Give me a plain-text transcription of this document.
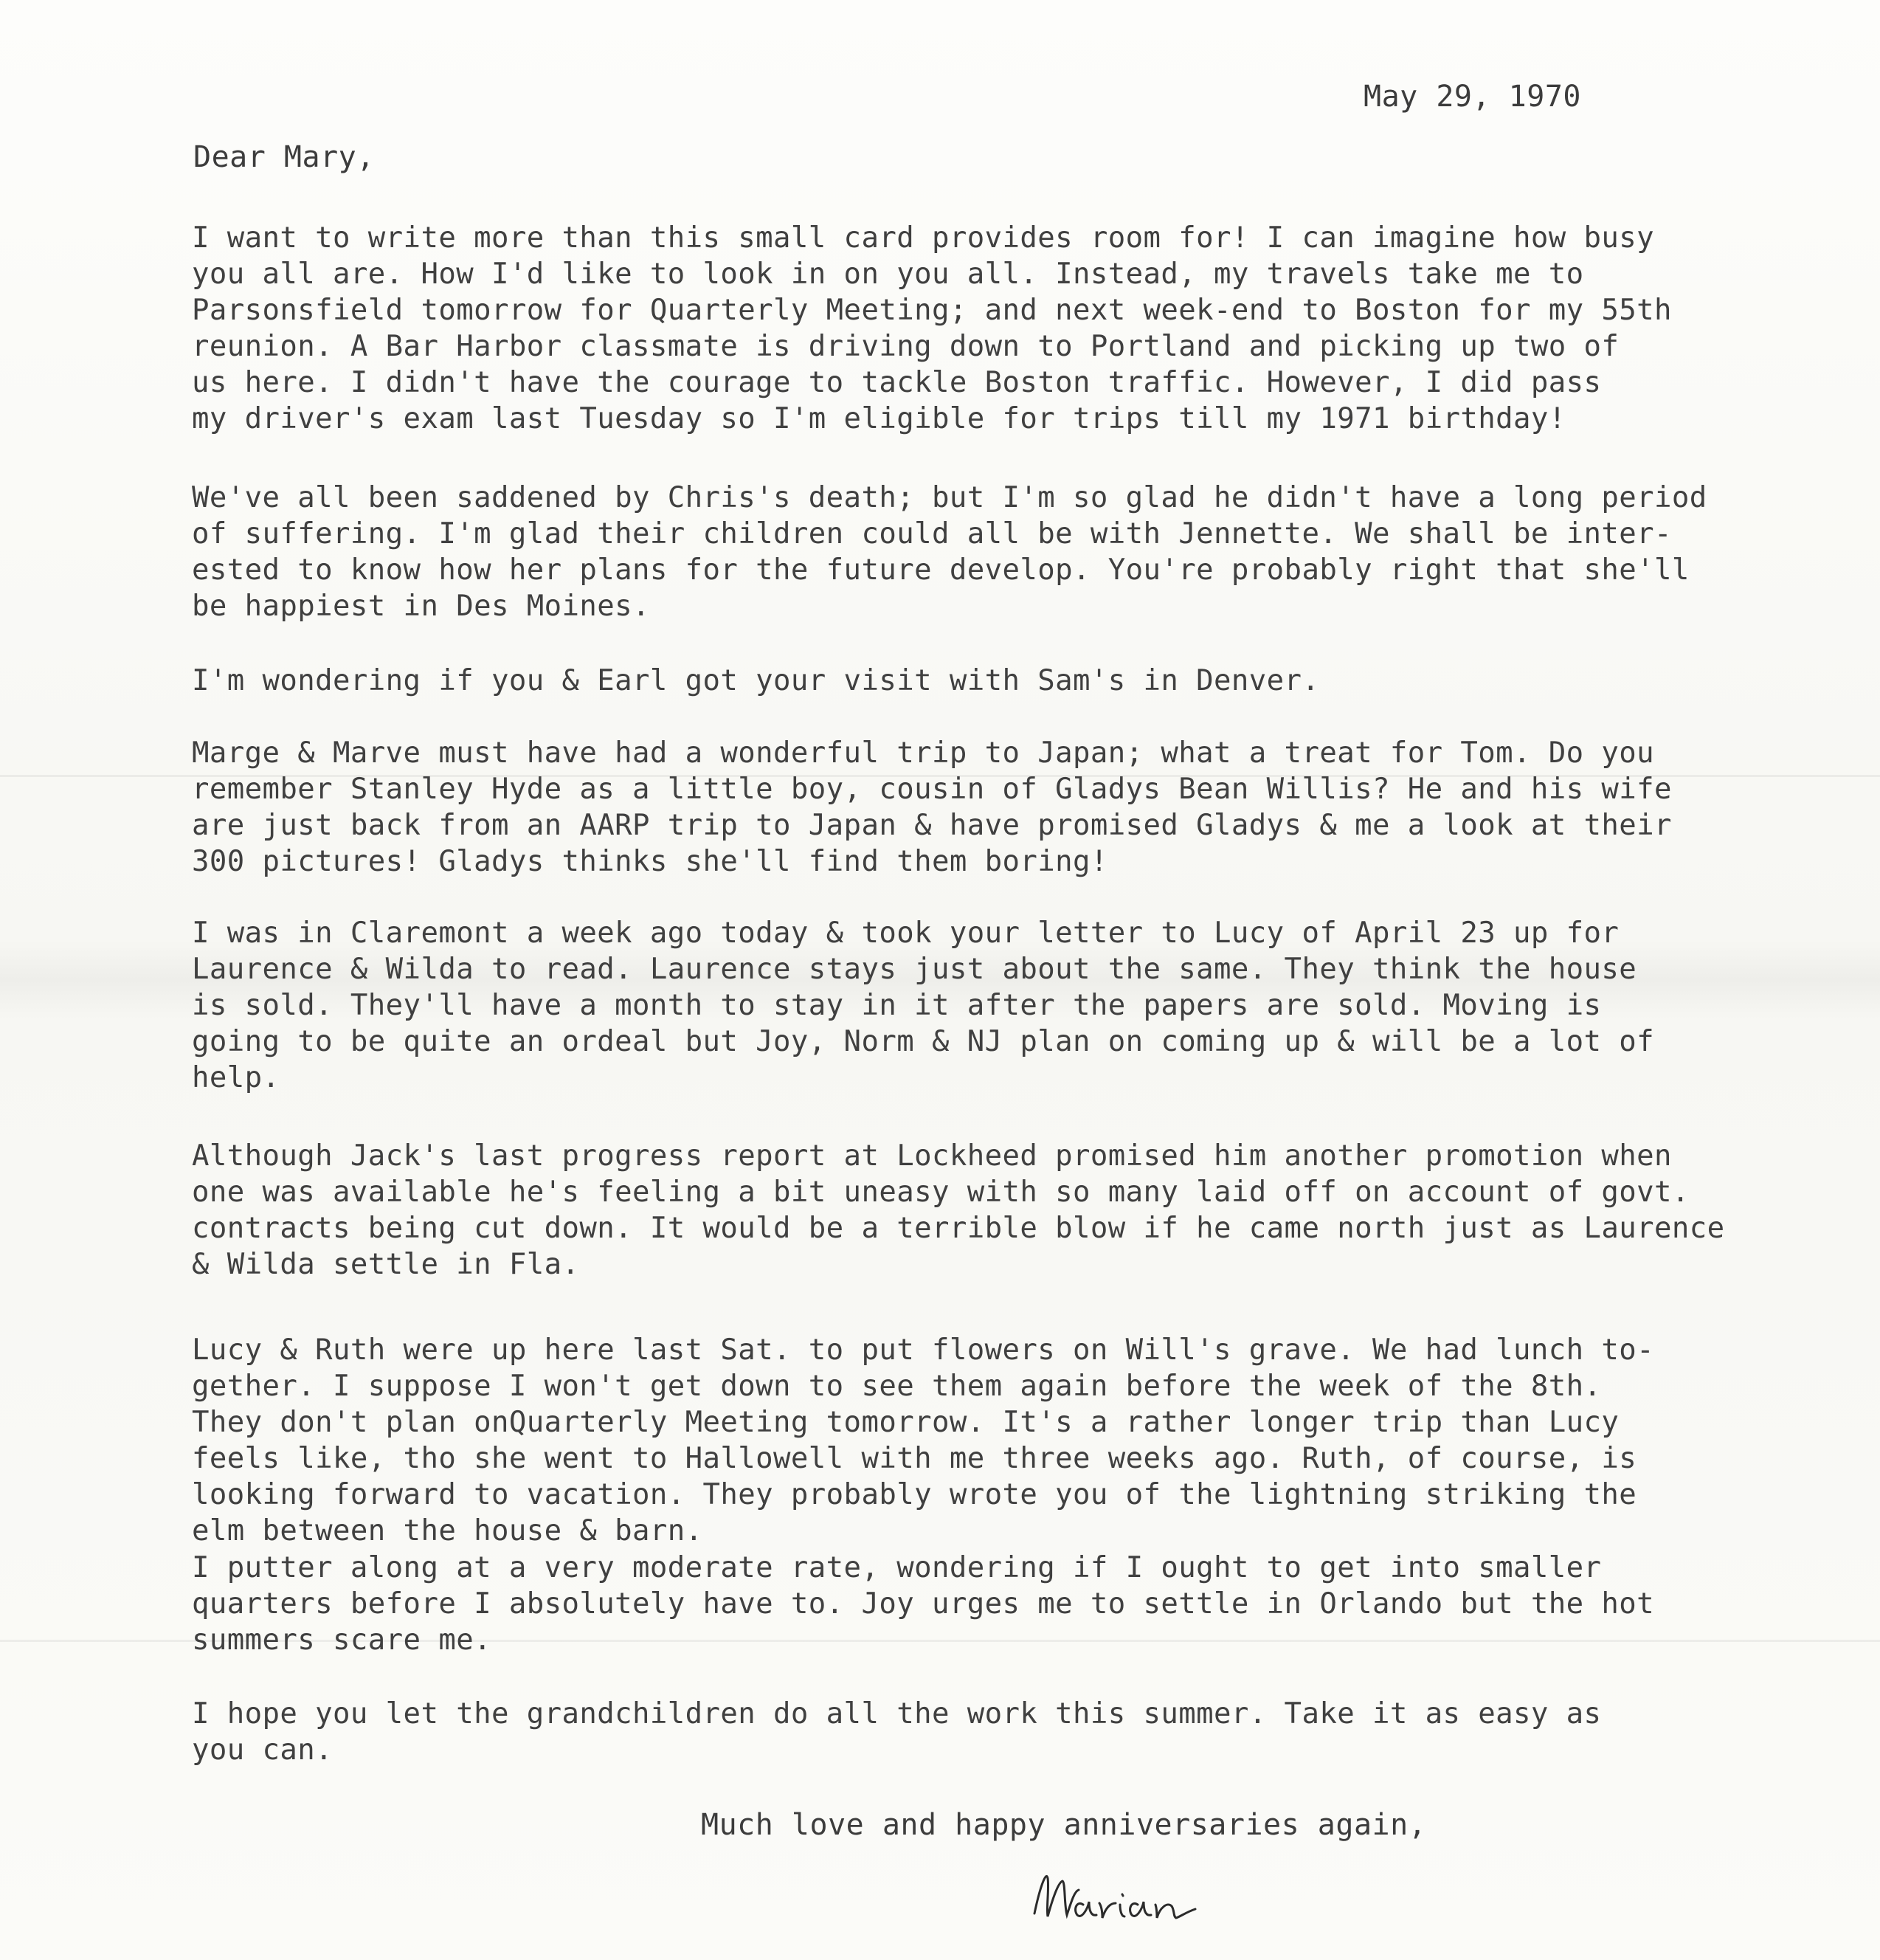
May 29, 1970
Dear Mary,
I want to write more than this small card provides room for! I can imagine how busy
you all are. How I'd like to look in on you all. Instead, my travels take me to
Parsonsfield tomorrow for Quarterly Meeting; and next week-end to Boston for my 55th
reunion. A Bar Harbor classmate is driving down to Portland and picking up two of
us here. I didn't have the courage to tackle Boston traffic. However, I did pass
my driver's exam last Tuesday so I'm eligible for trips till my 1971 birthday!
We've all been saddened by Chris's death; but I'm so glad he didn't have a long period
of suffering. I'm glad their children could all be with Jennette. We shall be inter-
ested to know how her plans for the future develop. You're probably right that she'll
be happiest in Des Moines.
I'm wondering if you & Earl got your visit with Sam's in Denver.
Marge & Marve must have had a wonderful trip to Japan; what a treat for Tom. Do you
remember Stanley Hyde as a little boy, cousin of Gladys Bean Willis? He and his wife
are just back from an AARP trip to Japan & have promised Gladys & me a look at their
300 pictures! Gladys thinks she'll find them boring!
I was in Claremont a week ago today & took your letter to Lucy of April 23 up for
Laurence & Wilda to read. Laurence stays just about the same. They think the house
is sold. They'll have a month to stay in it after the papers are sold. Moving is
going to be quite an ordeal but Joy, Norm & NJ plan on coming up & will be a lot of
help.
Although Jack's last progress report at Lockheed promised him another promotion when
one was available he's feeling a bit uneasy with so many laid off on account of govt.
contracts being cut down. It would be a terrible blow if he came north just as Laurence
& Wilda settle in Fla.
Lucy & Ruth were up here last Sat. to put flowers on Will's grave. We had lunch to-
gether. I suppose I won't get down to see them again before the week of the 8th.
They don't plan onQuarterly Meeting tomorrow. It's a rather longer trip than Lucy
feels like, tho she went to Hallowell with me three weeks ago. Ruth, of course, is
looking forward to vacation. They probably wrote you of the lightning striking the
elm between the house & barn.
I putter along at a very moderate rate, wondering if I ought to get into smaller
quarters before I absolutely have to. Joy urges me to settle in Orlando but the hot
summers scare me.
I hope you let the grandchildren do all the work this summer. Take it as easy as
you can.
Much love and happy anniversaries again,
